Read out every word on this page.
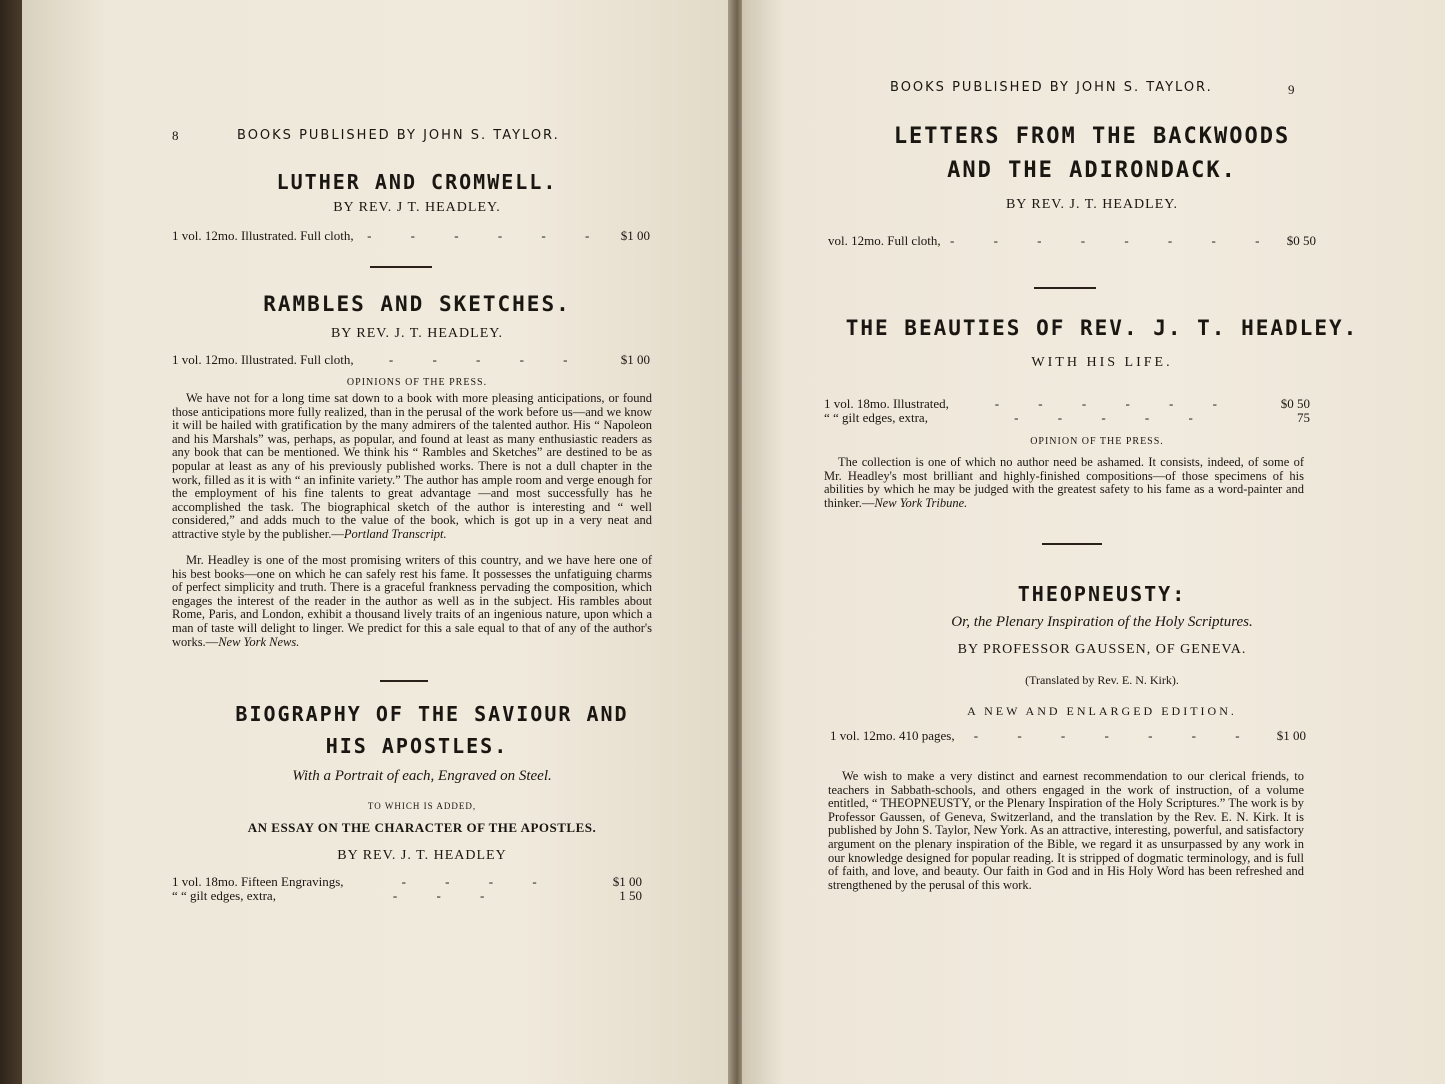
8	BOOKS PUBLISHED BY JOHN S. TAYLOR.
LUTHER AND CROMWELL.
BY REV. J T. HEADLEY.
1 vol. 12mo. Illustrated. Full cloth,	- - - - - -	$1 00
RAMBLES AND SKETCHES.
BY REV. J. T. HEADLEY.
1 vol. 12mo. Illustrated. Full cloth,	- - - - -	$1 00
OPINIONS OF THE PRESS.
We have not for a long time sat down to a book with more pleasing anticipations, or found those anticipations more fully realized, than in the perusal of the work before us—and we know it will be hailed with gratification by the many admirers of the talented author. His “ Napoleon and his Marshals” was, perhaps, as popular, and found at least as many enthusiastic readers as any book that can be mentioned. We think his “ Rambles and Sketches” are destined to be as popular at least as any of his previously published works. There is not a dull chapter in the work, filled as it is with “ an infinite variety.” The author has ample room and verge enough for the employment of his fine talents to great advantage —and most successfully has he accomplished the task. The biographical sketch of the author is interesting and “ well considered,” and adds much to the value of the book, which is got up in a very neat and attractive style by the publisher.—Portland Transcript.
Mr. Headley is one of the most promising writers of this country, and we have here one of his best books—one on which he can safely rest his fame. It possesses the unfatiguing charms of perfect simplicity and truth. There is a graceful frankness pervading the composition, which engages the interest of the reader in the author as well as in the subject. His rambles about Rome, Paris, and London, exhibit a thousand lively traits of an ingenious nature, upon which a man of taste will delight to linger. We predict for this a sale equal to that of any of the author's works.—New York News.
BIOGRAPHY OF THE SAVIOUR AND
HIS APOSTLES.
With a Portrait of each, Engraved on Steel.
TO WHICH IS ADDED,
AN ESSAY ON THE CHARACTER OF THE APOSTLES.
BY REV. J. T. HEADLEY
1 vol. 18mo. Fifteen Engravings,	- - - -	$1 00
“ “ gilt edges, extra,	- - -	1 50
BOOKS PUBLISHED BY JOHN S. TAYLOR.	9
LETTERS FROM THE BACKWOODS
AND THE ADIRONDACK.
BY REV. J. T. HEADLEY.
vol. 12mo. Full cloth, - - - - - - - - $0 50
THE BEAUTIES OF REV. J. T. HEADLEY.
WITH HIS LIFE.
1 vol. 18mo. Illustrated,	- - - - - -	$0 50
“ “ gilt edges, extra,	- - - - -	75
OPINION OF THE PRESS.
The collection is one of which no author need be ashamed. It consists, indeed, of some of Mr. Headley's most brilliant and highly-finished compositions—of those specimens of his abilities by which he may be judged with the greatest safety to his fame as a word-painter and thinker.—New York Tribune.
THEOPNEUSTY:
Or, the Plenary Inspiration of the Holy Scriptures.
BY PROFESSOR GAUSSEN, OF GENEVA.
(Translated by Rev. E. N. Kirk).
A NEW AND ENLARGED EDITION.
1 vol. 12mo. 410 pages,	- - - - - - -	$1 00
We wish to make a very distinct and earnest recommendation to our clerical friends, to teachers in Sabbath-schools, and others engaged in the work of instruction, of a volume entitled, “ THEOPNEUSTY, or the Plenary Inspiration of the Holy Scriptures.” The work is by Professor Gaussen, of Geneva, Switzerland, and the translation by the Rev. E. N. Kirk. It is published by John S. Taylor, New York. As an attractive, interesting, powerful, and satisfactory argument on the plenary inspiration of the Bible, we regard it as unsurpassed by any work in our knowledge designed for popular reading. It is stripped of dogmatic terminology, and is full of faith, and love, and beauty. Our faith in God and in His Holy Word has been refreshed and strengthened by the perusal of this work.
